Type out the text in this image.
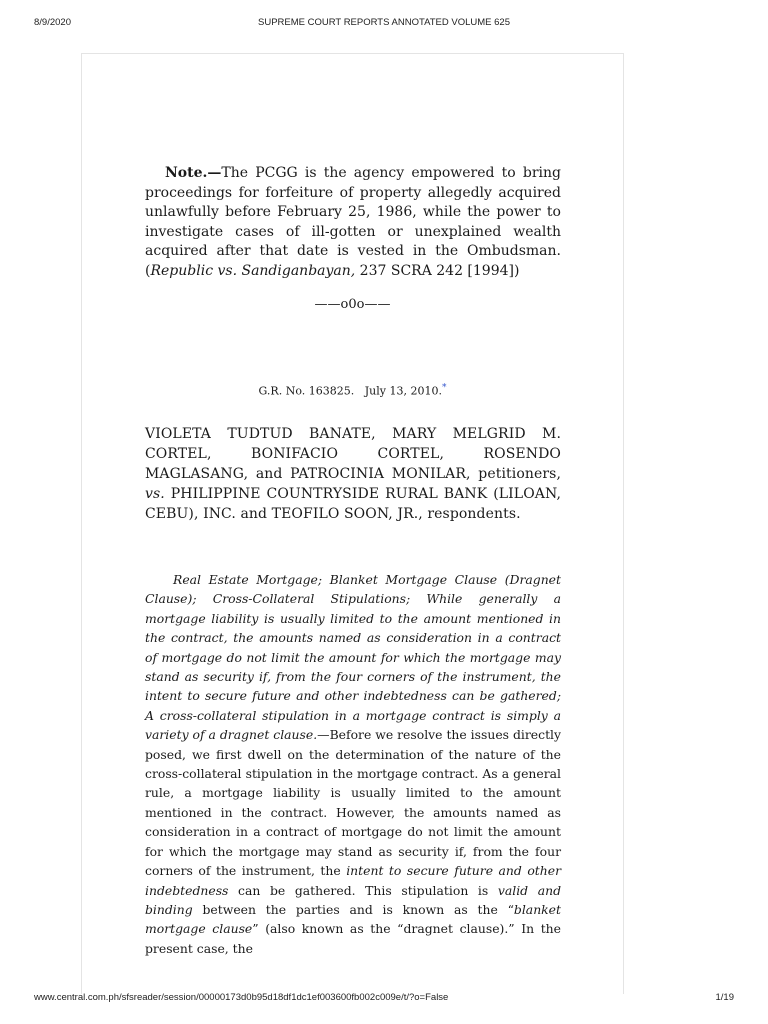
8/9/2020	SUPREME COURT REPORTS ANNOTATED VOLUME 625

Note.—The PCGG is the agency empowered to bring proceedings for forfeiture of property allegedly acquired unlawfully before February 25, 1986, while the power to investigate cases of ill-gotten or unexplained wealth acquired after that date is vested in the Ombudsman. (Republic vs. Sandiganbayan, 237 SCRA 242 [1994])

——o0o——
G.R. No. 163825. July 13, 2010.*

VIOLETA TUDTUD BANATE, MARY MELGRID M. CORTEL, BONIFACIO CORTEL, ROSENDO MAGLASANG, and PATROCINIA MONILAR, petitioners, vs. PHILIPPINE COUNTRYSIDE RURAL BANK (LILOAN, CEBU), INC. and TEOFILO SOON, JR., respondents.

Real Estate Mortgage; Blanket Mortgage Clause (Dragnet Clause); Cross-Collateral Stipulations; While generally a mortgage liability is usually limited to the amount mentioned in the contract, the amounts named as consideration in a contract of mortgage do not limit the amount for which the mortgage may stand as security if, from the four corners of the instrument, the intent to secure future and other indebtedness can be gathered; A cross-collateral stipulation in a mortgage contract is simply a variety of a dragnet clause.—Before we resolve the issues directly posed, we first dwell on the determination of the nature of the cross-collateral stipulation in the mortgage contract. As a general rule, a mortgage liability is usually limited to the amount mentioned in the contract. However, the amounts named as consideration in a contract of mortgage do not limit the amount for which the mortgage may stand as security if, from the four corners of the instrument, the intent to secure future and other indebtedness can be gathered. This stipulation is valid and binding between the parties and is known as the “blanket mortgage clause” (also known as the “dragnet clause).” In the present case, the

www.central.com.ph/sfsreader/session/00000173d0b95d18df1dc1ef003600fb002c009e/t/?o=False	1/19
